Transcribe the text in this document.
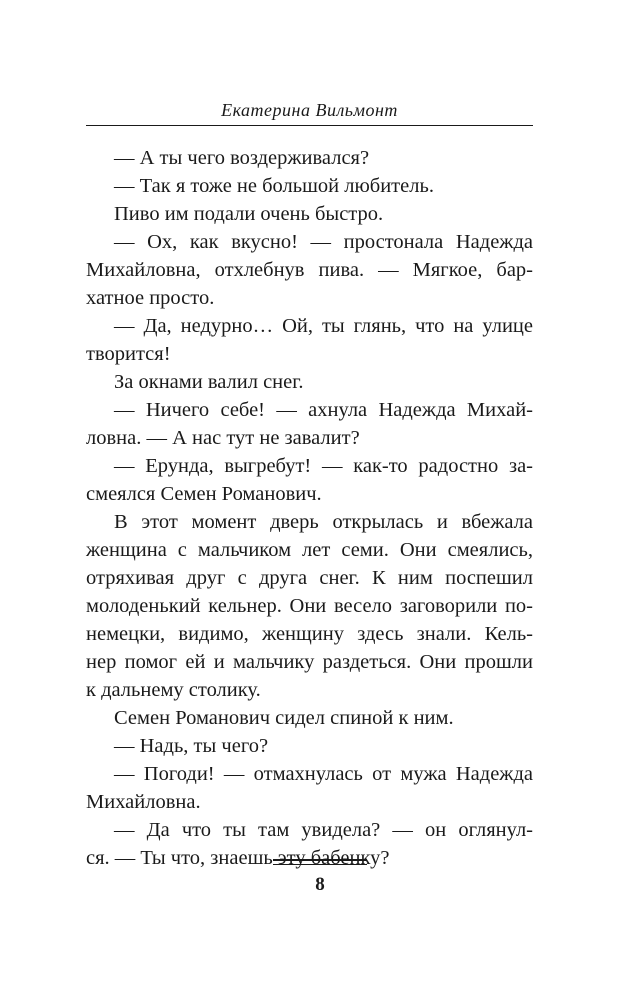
Екатерина Вильмонт
— А ты чего воздерживался?
— Так я тоже не большой любитель.
Пиво им подали очень быстро.
— Ох, как вкусно! — простонала Надежда
Михайловна, отхлебнув пива. — Мягкое, бар-
хатное просто.
— Да, недурно… Ой, ты глянь, что на улице
творится!
За окнами валил снег.
— Ничего себе! — ахнула Надежда Михай-
ловна. — А нас тут не завалит?
— Ерунда, выгребут! — как-то радостно за-
смеялся Семен Романович.
В этот момент дверь открылась и вбежала
женщина с мальчиком лет семи. Они смеялись,
отряхивая друг с друга снег. К ним поспешил
молоденький кельнер. Они весело заговорили по-
немецки, видимо, женщину здесь знали. Кель-
нер помог ей и мальчику раздеться. Они прошли
к дальнему столику.
Семен Романович сидел спиной к ним.
— Надь, ты чего?
— Погоди! — отмахнулась от мужа Надежда
Михайловна.
— Да что ты там увидела? — он оглянул-
ся. — Ты что, знаешь эту бабенку?
8
